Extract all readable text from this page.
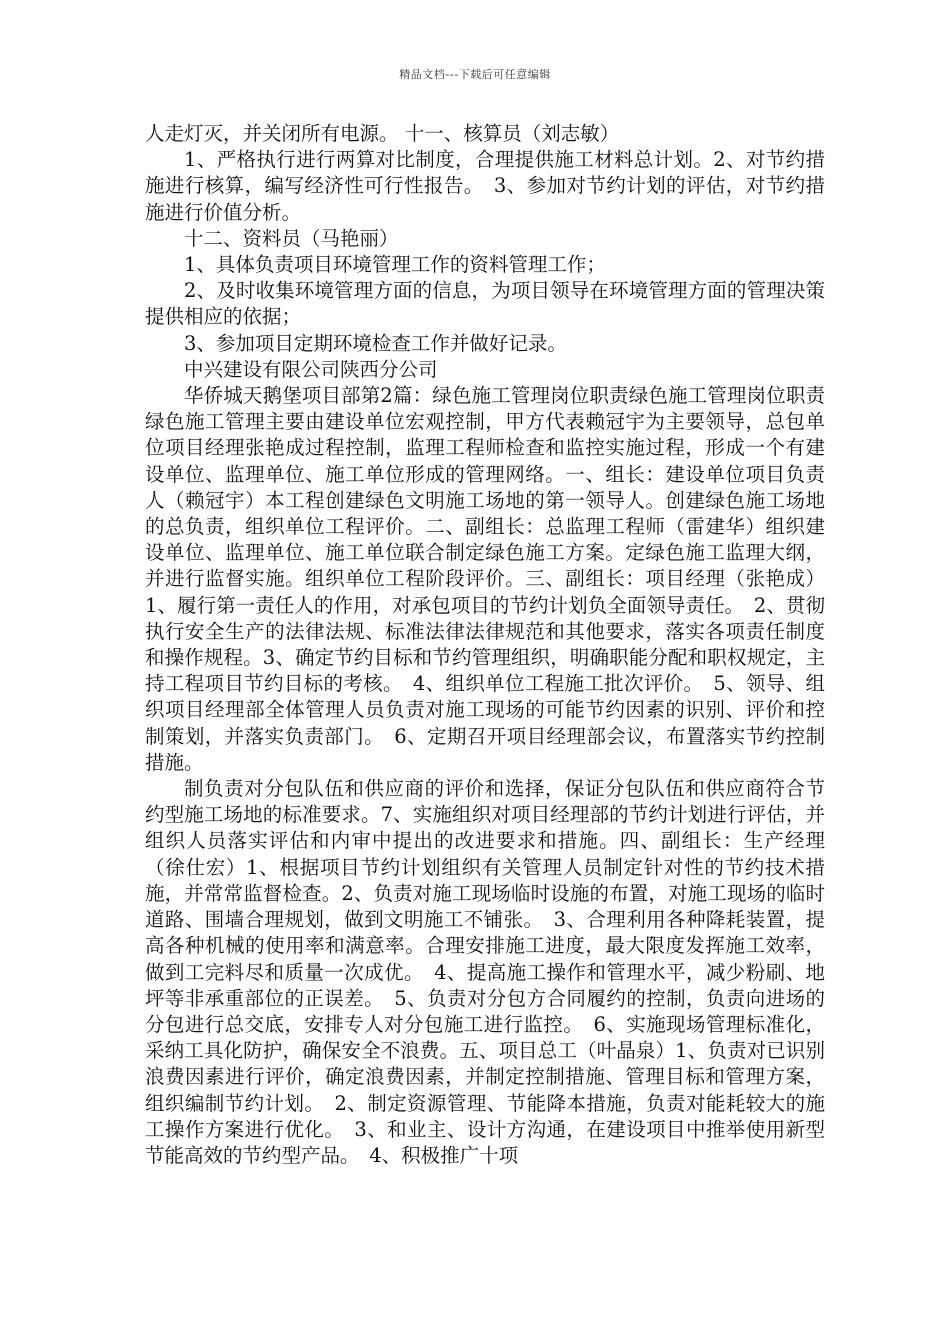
精品文档---下载后可任意编辑

人走灯灭，并关闭所有电源。 十一、核算员（刘志敏）

1、严格执行进行两算对比制度，合理提供施工材料总计划。2、对节约措施进行核算，编写经济性可行性报告。　3、参加对节约计划的评估，对节约措施进行价值分析。

十二、资料员（马艳丽）

1、具体负责项目环境管理工作的资料管理工作；

2、及时收集环境管理方面的信息，为项目领导在环境管理方面的管理决策提供相应的依据；

3、参加项目定期环境检查工作并做好记录。

中兴建设有限公司陕西分公司

华侨城天鹅堡项目部第2篇：绿色施工管理岗位职责绿色施工管理岗位职责绿色施工管理主要由建设单位宏观控制，甲方代表赖冠宇为主要领导，总包单位项目经理张艳成过程控制，监理工程师检查和监控实施过程，形成一个有建设单位、监理单位、施工单位形成的管理网络。一、组长：建设单位项目负责人（赖冠宇）本工程创建绿色文明施工场地的第一领导人。创建绿色施工场地的总负责，组织单位工程评价。二、副组长：总监理工程师（雷建华）组织建设单位、监理单位、施工单位联合制定绿色施工方案。定绿色施工监理大纲，并进行监督实施。组织单位工程阶段评价。三、副组长：项目经理（张艳成）1、履行第一责任人的作用，对承包项目的节约计划负全面领导责任。　2、贯彻执行安全生产的法律法规、标准法律法律规范和其他要求，落实各项责任制度和操作规程。3、确定节约目标和节约管理组织，明确职能分配和职权规定，主持工程项目节约目标的考核。　4、组织单位工程施工批次评价。　5、领导、组织项目经理部全体管理人员负责对施工现场的可能节约因素的识别、评价和控制策划，并落实负责部门。　6、定期召开项目经理部会议，布置落实节约控制措施。

制负责对分包队伍和供应商的评价和选择，保证分包队伍和供应商符合节约型施工场地的标准要求。7、实施组织对项目经理部的节约计划进行评估，并组织人员落实评估和内审中提出的改进要求和措施。四、副组长：生产经理（徐仕宏）1、根据项目节约计划组织有关管理人员制定针对性的节约技术措施，并常常监督检查。2、负责对施工现场临时设施的布置，对施工现场的临时道路、围墙合理规划，做到文明施工不铺张。　3、合理利用各种降耗装置，提高各种机械的使用率和满意率。合理安排施工进度，最大限度发挥施工效率，做到工完料尽和质量一次成优。　4、提高施工操作和管理水平，减少粉刷、地坪等非承重部位的正误差。　5、负责对分包方合同履约的控制，负责向进场的分包进行总交底，安排专人对分包施工进行监控。　6、实施现场管理标准化，采纳工具化防护，确保安全不浪费。五、项目总工（叶晶泉）1、负责对已识别浪费因素进行评价，确定浪费因素，并制定控制措施、管理目标和管理方案，组织编制节约计划。　2、制定资源管理、节能降本措施，负责对能耗较大的施工操作方案进行优化。　3、和业主、设计方沟通，在建设项目中推举使用新型节能高效的节约型产品。　4、积极推广十项
